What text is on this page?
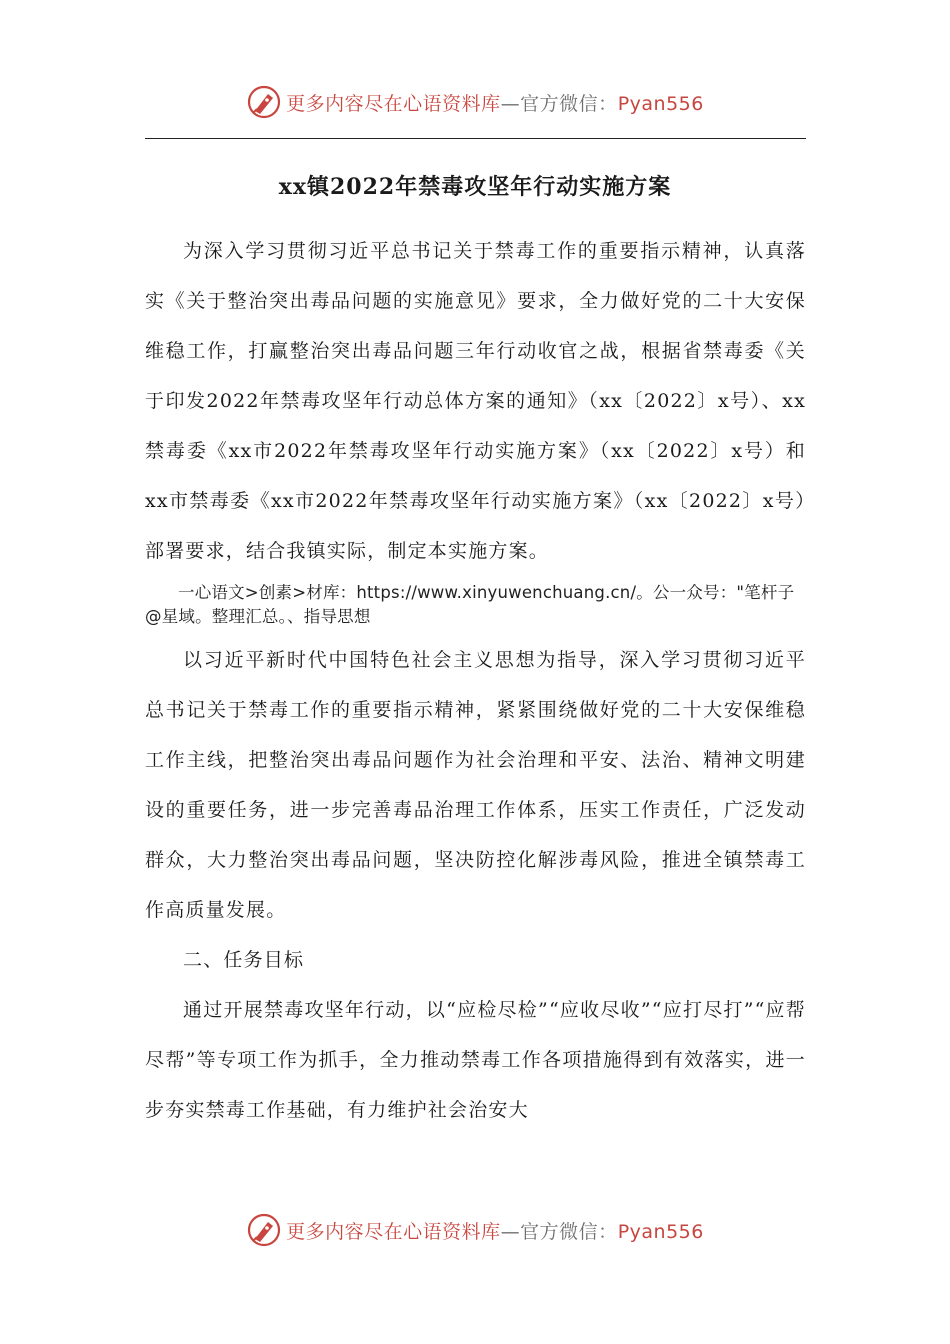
更多内容尽在心语资料库—官方微信：Pyan556
xx镇2022年禁毒攻坚年行动实施方案

为深入学习贯彻习近平总书记关于禁毒工作的重要指示精神，认真落实《关于整治突出毒品问题的实施意见》要求，全力做好党的二十大安保维稳工作，打赢整治突出毒品问题三年行动收官之战，根据省禁毒委《关于印发2022年禁毒攻坚年行动总体方案的通知》（xx〔2022〕x号）、xx禁毒委《xx市2022年禁毒攻坚年行动实施方案》（xx〔2022〕x号）和xx市禁毒委《xx市2022年禁毒攻坚年行动实施方案》（xx〔2022〕x号）部署要求，结合我镇实际，制定本实施方案。

一心语文>创素>材库：https://www.xinyuwenchuang.cn/。公一众号："笔杆子@星域。整理汇总。、指导思想

以习近平新时代中国特色社会主义思想为指导，深入学习贯彻习近平总书记关于禁毒工作的重要指示精神，紧紧围绕做好党的二十大安保维稳工作主线，把整治突出毒品问题作为社会治理和平安、法治、精神文明建设的重要任务，进一步完善毒品治理工作体系，压实工作责任，广泛发动群众，大力整治突出毒品问题，坚决防控化解涉毒风险，推进全镇禁毒工作高质量发展。

二、任务目标

通过开展禁毒攻坚年行动，以“应检尽检”“应收尽收”“应打尽打”“应帮尽帮”等专项工作为抓手，全力推动禁毒工作各项措施得到有效落实，进一步夯实禁毒工作基础，有力维护社会治安大

更多内容尽在心语资料库—官方微信：Pyan556
